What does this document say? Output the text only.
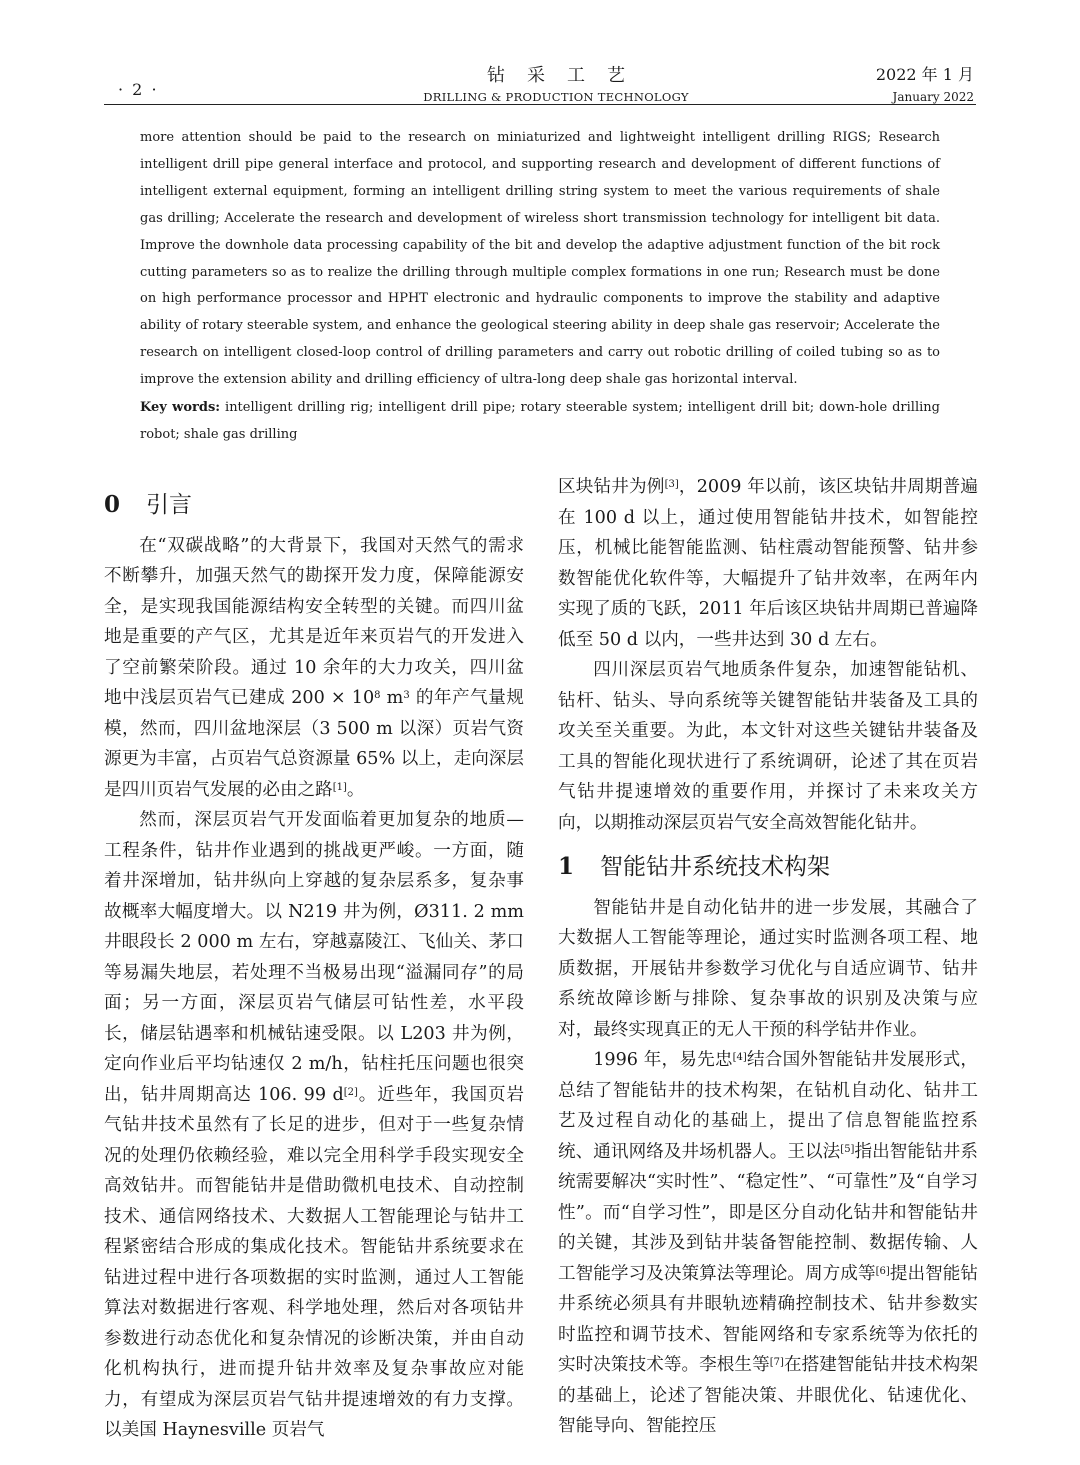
· 2 ·
钻采工艺
DRILLING & PRODUCTION TECHNOLOGY
2022 年 1 月
January 2022

more attention should be paid to the research on miniaturized and lightweight intelligent drilling RIGS; Research intelligent drill pipe general interface and protocol, and supporting research and development of different functions of intelligent external equipment, forming an intelligent drilling string system to meet the various requirements of shale gas drilling; Accelerate the research and development of wireless short transmission technology for intelligent bit data. Improve the downhole data processing capability of the bit and develop the adaptive adjustment function of the bit rock cutting parameters so as to realize the drilling through multiple complex formations in one run; Research must be done on high performance processor and HPHT electronic and hydraulic components to improve the stability and adaptive ability of rotary steerable system, and enhance the geological steering ability in deep shale gas reservoir; Accelerate the research on intelligent closed-loop control of drilling parameters and carry out robotic drilling of coiled tubing so as to improve the extension ability and drilling efficiency of ultra-long deep shale gas horizontal interval.

Key words: intelligent drilling rig; intelligent drill pipe; rotary steerable system; intelligent drill bit; down-hole drilling robot; shale gas drilling

0 引言

在“双碳战略”的大背景下，我国对天然气的需求不断攀升，加强天然气的勘探开发力度，保障能源安全，是实现我国能源结构安全转型的关键。而四川盆地是重要的产气区，尤其是近年来页岩气的开发进入了空前繁荣阶段。通过 10 余年的大力攻关，四川盆地中浅层页岩气已建成 $200 \times 10^8$ $m^3$ 的年产气量规模，然而，四川盆地深层（3 500 m 以深）页岩气资源更为丰富，占页岩气总资源量 65% 以上，走向深层是四川页岩气发展的必由之路[1]。

然而，深层页岩气开发面临着更加复杂的地质—工程条件，钻井作业遇到的挑战更严峻。一方面，随着井深增加，钻井纵向上穿越的复杂层系多，复杂事故概率大幅度增大。以 N219 井为例，Ø311. 2 mm 井眼段长 2 000 m 左右，穿越嘉陵江、飞仙关、茅口等易漏失地层，若处理不当极易出现“溢漏同存”的局面；另一方面，深层页岩气储层可钻性差，水平段长，储层钻遇率和机械钻速受限。以 L203 井为例，定向作业后平均钻速仅 2 m/h，钻柱托压问题也很突出，钻井周期高达 106. 99 d[2]。近些年，我国页岩气钻井技术虽然有了长足的进步，但对于一些复杂情况的处理仍依赖经验，难以完全用科学手段实现安全高效钻井。而智能钻井是借助微机电技术、自动控制技术、通信网络技术、大数据人工智能理论与钻井工程紧密结合形成的集成化技术。智能钻井系统要求在钻进过程中进行各项数据的实时监测，通过人工智能算法对数据进行客观、科学地处理，然后对各项钻井参数进行动态优化和复杂情况的诊断决策，并由自动化机构执行，进而提升钻井效率及复杂事故应对能力，有望成为深层页岩气钻井提速增效的有力支撑。以美国 Haynesville 页岩气

区块钻井为例[3]，2009 年以前，该区块钻井周期普遍在 100 d 以上，通过使用智能钻井技术，如智能控压，机械比能智能监测、钻柱震动智能预警、钻井参数智能优化软件等，大幅提升了钻井效率，在两年内实现了质的飞跃，2011 年后该区块钻井周期已普遍降低至 50 d 以内，一些井达到 30 d 左右。

四川深层页岩气地质条件复杂，加速智能钻机、钻杆、钻头、导向系统等关键智能钻井装备及工具的攻关至关重要。为此，本文针对这些关键钻井装备及工具的智能化现状进行了系统调研，论述了其在页岩气钻井提速增效的重要作用，并探讨了未来攻关方向，以期推动深层页岩气安全高效智能化钻井。

1 智能钻井系统技术构架

智能钻井是自动化钻井的进一步发展，其融合了大数据人工智能等理论，通过实时监测各项工程、地质数据，开展钻井参数学习优化与自适应调节、钻井系统故障诊断与排除、复杂事故的识别及决策与应对，最终实现真正的无人干预的科学钻井作业。

1996 年，易先忠[4]结合国外智能钻井发展形式，总结了智能钻井的技术构架，在钻机自动化、钻井工艺及过程自动化的基础上，提出了信息智能监控系统、通讯网络及井场机器人。王以法[5]指出智能钻井系统需要解决“实时性”、“稳定性”、“可靠性”及“自学习性”。而“自学习性”，即是区分自动化钻井和智能钻井的关键，其涉及到钻井装备智能控制、数据传输、人工智能学习及决策算法等理论。周方成等[6]提出智能钻井系统必须具有井眼轨迹精确控制技术、钻井参数实时监控和调节技术、智能网络和专家系统等为依托的实时决策技术等。李根生等[7]在搭建智能钻井技术构架的基础上，论述了智能决策、井眼优化、钻速优化、智能导向、智能控压
